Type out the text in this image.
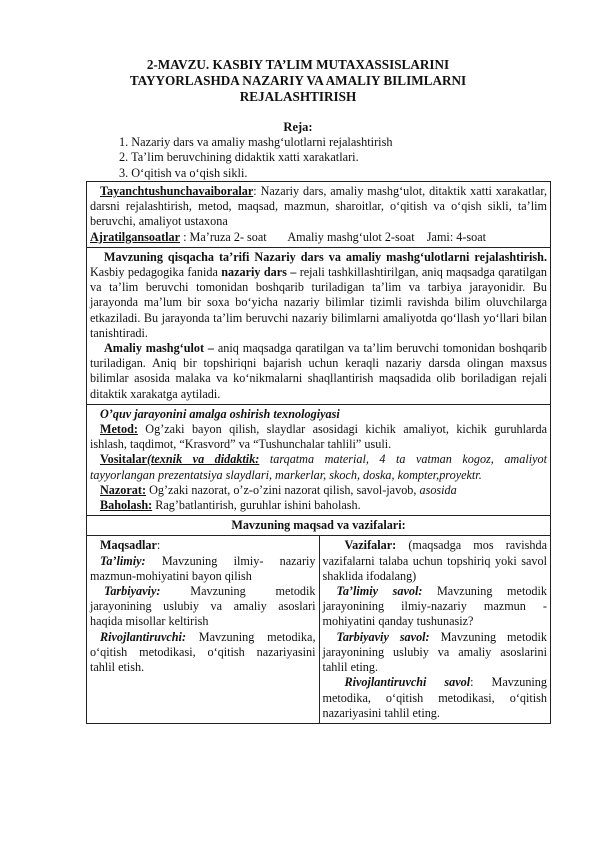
2-MAVZU. KASBIY TA’LIM MUTAXASSISLARINI
TAYYORLASHDA NAZARIY VA AMALIY BILIMLARNI
REJALASHTIRISH
Reja:
1. Nazariy dars va amaliy mashg‘ulotlarni rejalashtirish
2. Ta’lim beruvchining didaktik xatti xarakatlari.
3. O‘qitish va o‘qish sikli.

Tayanchtushunchavaiboralar: Nazariy dars, amaliy mashg‘ulot, ditaktik xatti xarakatlar, darsni rejalashtirish, metod, maqsad, mazmun, sharoitlar, o‘qitish va o‘qish sikli, ta’lim beruvchi, amaliyot ustaxona

Ajratilgansoatlar : Ma’ruza 2- soat       Amaliy mashg‘ulot 2-soat    Jami: 4-soat

Mavzuning qisqacha ta’rifi Nazariy dars va amaliy mashg‘ulotlarni rejalashtirish. Kasbiy pedagogika fanida nazariy dars – rejali tashkillashtirilgan, aniq maqsadga qaratilgan va ta’lim beruvchi tomonidan boshqarib turiladigan ta’lim va tarbiya jarayonidir. Bu jarayonda ma’lum bir soxa bo‘yicha nazariy bilimlar tizimli ravishda bilim oluvchilarga etkaziladi. Bu jarayonda ta’lim beruvchi nazariy bilimlarni amaliyotda qo‘llash yo‘llari bilan tanishtiradi.

Amaliy mashg‘ulot – aniq maqsadga qaratilgan va ta’lim beruvchi tomonidan boshqarib turiladigan. Aniq bir topshiriqni bajarish uchun keraqli nazariy darsda olingan maxsus bilimlar asosida malaka va ko‘nikmalarni shaqllantirish maqsadida olib boriladigan rejali ditaktik xarakatga aytiladi.

O’quv jarayonini amalga oshirish texnologiyasi

Metod: Og’zaki bayon qilish, slaydlar asosidagi kichik amaliyot, kichik guruhlarda ishlash, taqdimot, “Krasvord” va “Tushunchalar tahlili” usuli.

Vositalar(texnik va didaktik: tarqatma material, 4 ta vatman kogoz, amaliyot tayyorlangan prezentatsiya slaydlari, markerlar, skoch, doska, kompter,proyektr.

Nazorat: Og’zaki nazorat, o’z-o’zini nazorat qilish, savol-javob, asosida

Baholash: Rag’batlantirish, guruhlar ishini baholash.

Mavzuning maqsad va vazifalari:

Maqsadlar:

Ta’limiy: Mavzuning ilmiy- nazariy mazmun-mohiyatini bayon qilish

Tarbiyaviy: Mavzuning metodik jarayonining uslubiy va amaliy asoslari haqida misollar keltirish

Rivojlantiruvchi: Mavzuning metodika, o‘qitish metodikasi, o‘qitish nazariyasini tahlil etish.

Vazifalar: (maqsadga mos ravishda vazifalarni talaba uchun topshiriq yoki savol shaklida ifodalang)

Ta’limiy savol: Mavzuning metodik jarayonining ilmiy-nazariy mazmun - mohiyatini qanday tushunasiz?

Tarbiyaviy savol: Mavzuning metodik jarayonining uslubiy va amaliy asoslarini tahlil eting.

Rivojlantiruvchi savol: Mavzuning metodika, o‘qitish metodikasi, o‘qitish nazariyasini tahlil eting.
